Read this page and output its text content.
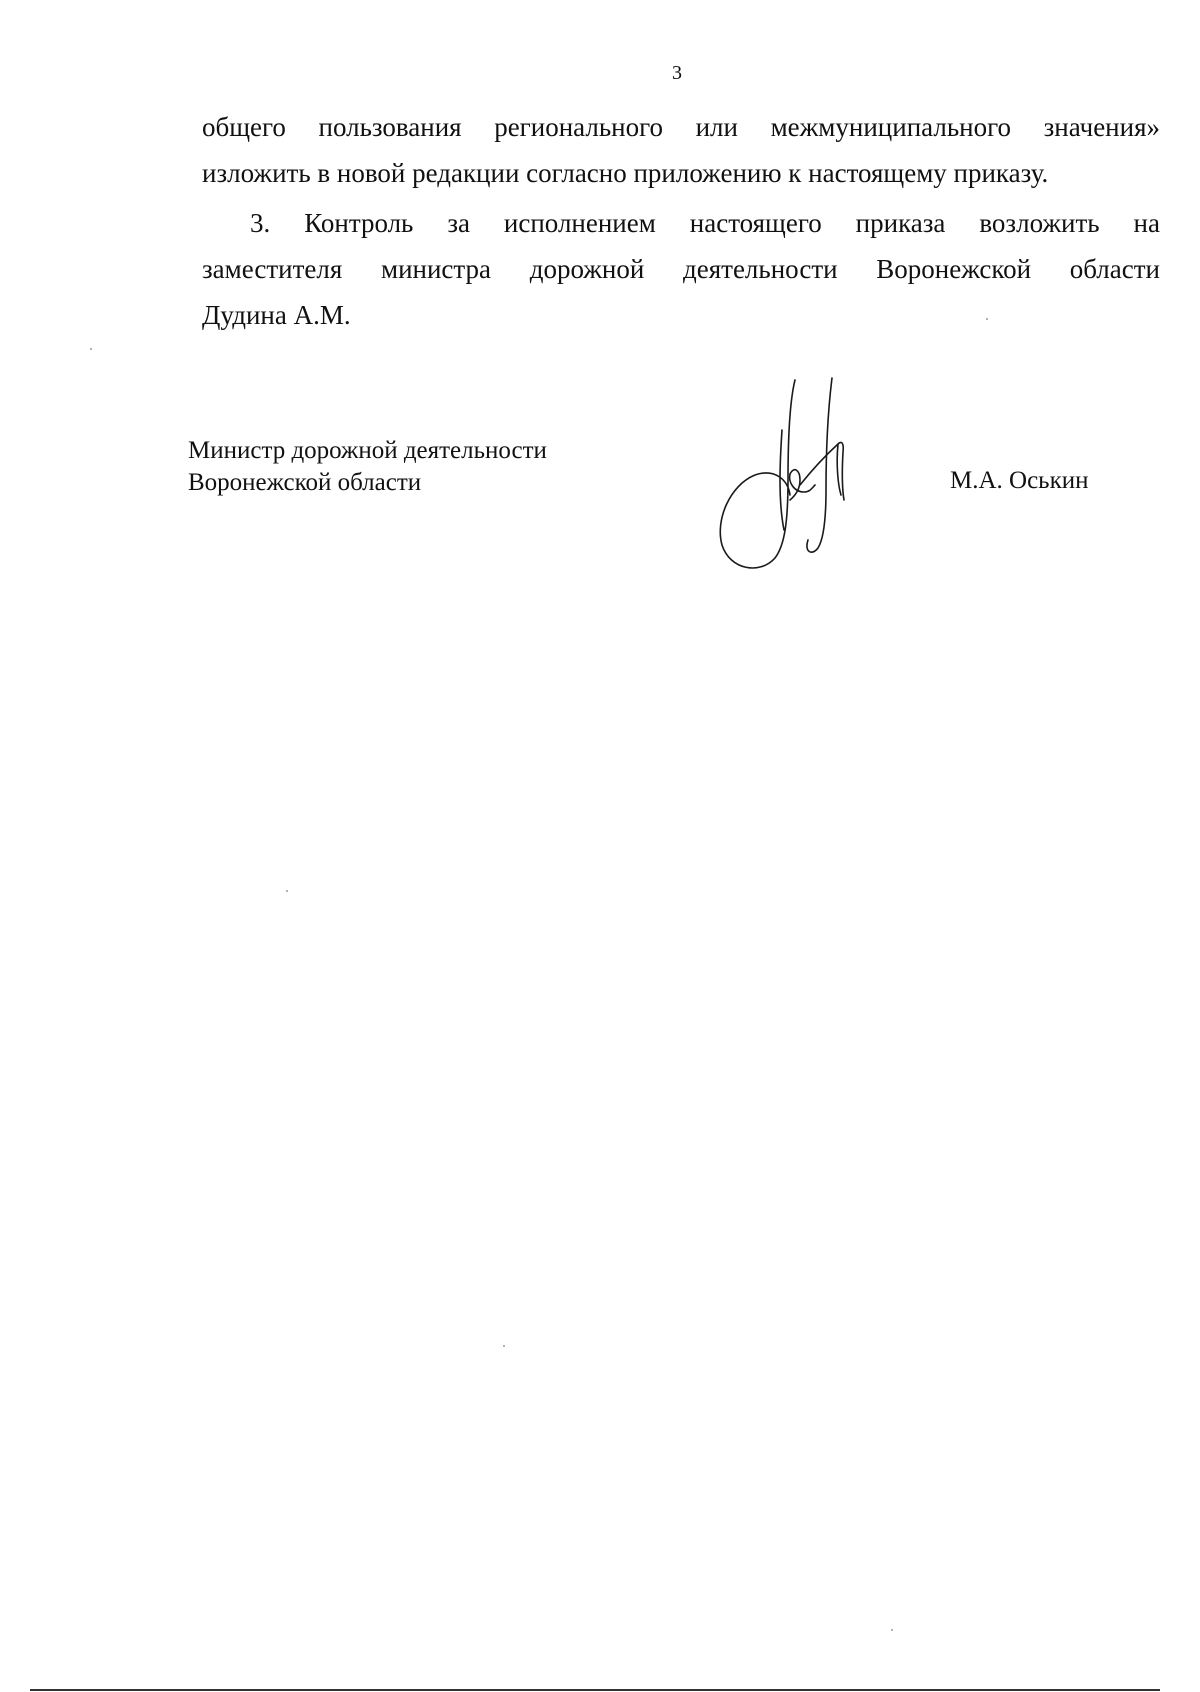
3
общего пользования регионального или межмуниципального значения»
изложить в новой редакции согласно приложению к настоящему приказу.
3. Контроль за исполнением настоящего приказа возложить на
заместителя министра дорожной деятельности Воронежской области
Дудина А.М.
Министр дорожной деятельности
Воронежской области	М.А. Оськин
